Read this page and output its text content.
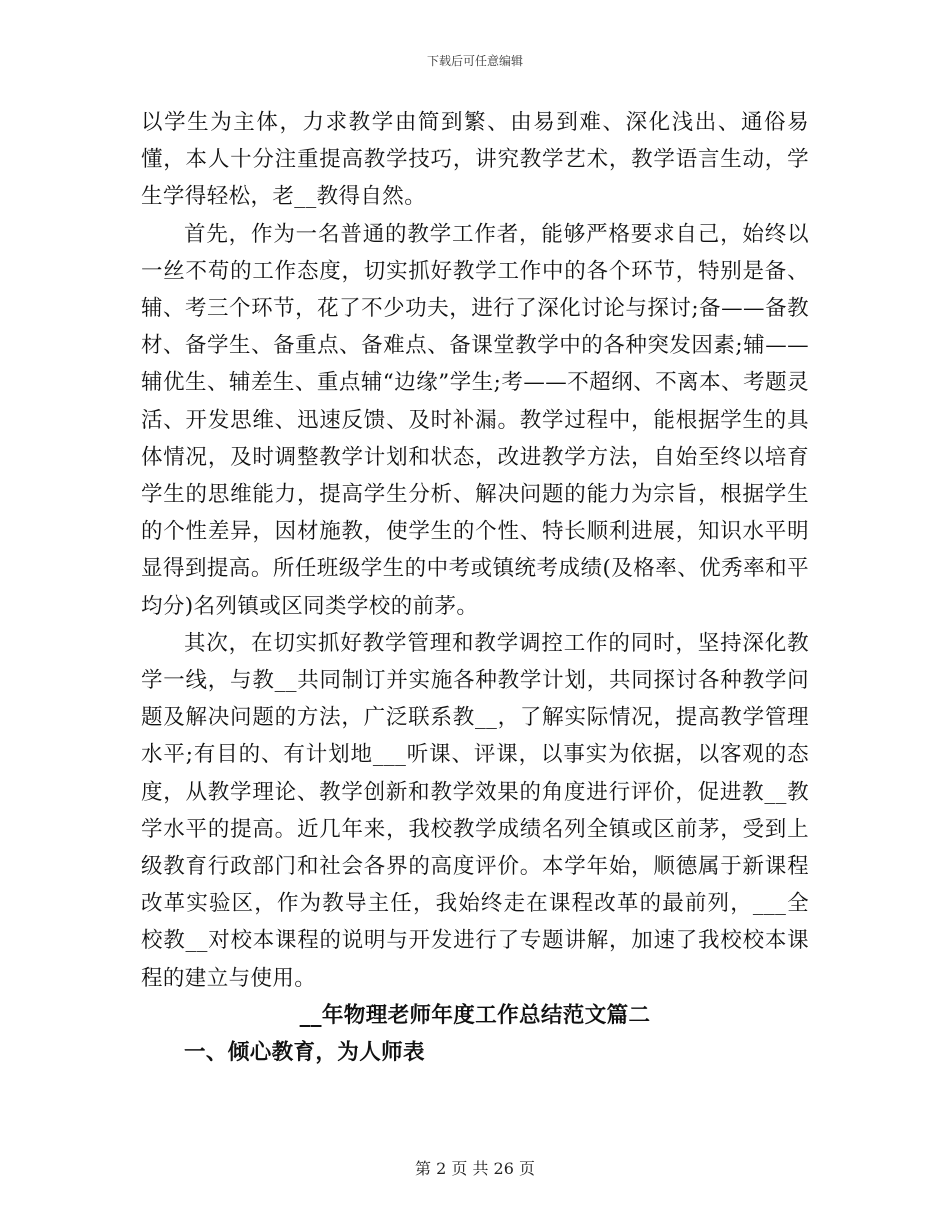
下载后可任意编辑

以学生为主体，力求教学由简到繁、由易到难、深化浅出、通俗易懂，本人十分注重提高教学技巧，讲究教学艺术，教学语言生动，学生学得轻松，老__教得自然。

首先，作为一名普通的教学工作者，能够严格要求自己，始终以一丝不苟的工作态度，切实抓好教学工作中的各个环节，特别是备、辅、考三个环节，花了不少功夫，进行了深化讨论与探讨;备——备教材、备学生、备重点、备难点、备课堂教学中的各种突发因素;辅——辅优生、辅差生、重点辅“边缘”学生;考——不超纲、不离本、考题灵活、开发思维、迅速反馈、及时补漏。教学过程中，能根据学生的具体情况，及时调整教学计划和状态，改进教学方法，自始至终以培育学生的思维能力，提高学生分析、解决问题的能力为宗旨，根据学生的个性差异，因材施教，使学生的个性、特长顺利进展，知识水平明显得到提高。所任班级学生的中考或镇统考成绩(及格率、优秀率和平均分)名列镇或区同类学校的前茅。

其次，在切实抓好教学管理和教学调控工作的同时，坚持深化教学一线，与教__共同制订并实施各种教学计划，共同探讨各种教学问题及解决问题的方法，广泛联系教__，了解实际情况，提高教学管理水平;有目的、有计划地___听课、评课，以事实为依据，以客观的态度，从教学理论、教学创新和教学效果的角度进行评价，促进教__教学水平的提高。近几年来，我校教学成绩名列全镇或区前茅，受到上级教育行政部门和社会各界的高度评价。本学年始，顺德属于新课程改革实验区，作为教导主任，我始终走在课程改革的最前列，___全校教__对校本课程的说明与开发进行了专题讲解，加速了我校校本课程的建立与使用。

__年物理老师年度工作总结范文篇二

一、倾心教育，为人师表

第 2 页 共 26 页
